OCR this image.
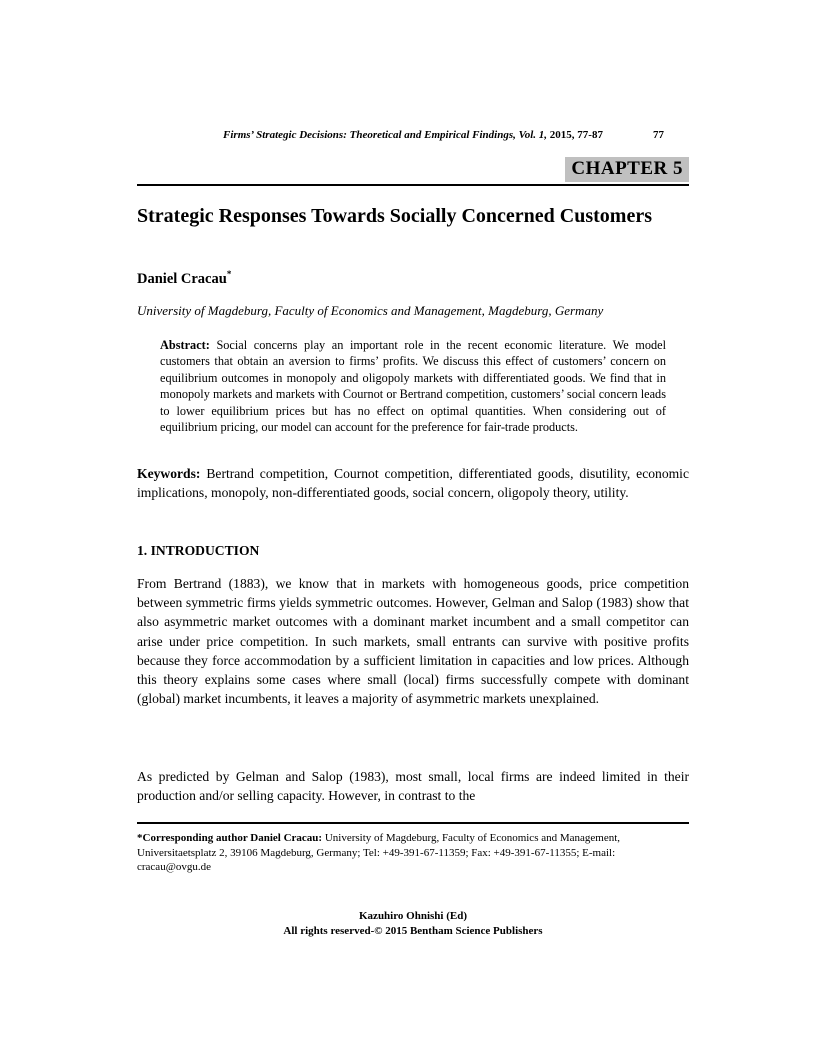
Firms’ Strategic Decisions: Theoretical and Empirical Findings, Vol. 1, 2015, 77-87	77
CHAPTER 5
Strategic Responses Towards Socially Concerned Customers
Daniel Cracau*
University of Magdeburg, Faculty of Economics and Management, Magdeburg, Germany
Abstract: Social concerns play an important role in the recent economic literature. We model customers that obtain an aversion to firms’ profits. We discuss this effect of customers’ concern on equilibrium outcomes in monopoly and oligopoly markets with differentiated goods. We find that in monopoly markets and markets with Cournot or Bertrand competition, customers’ social concern leads to lower equilibrium prices but has no effect on optimal quantities. When considering out of equilibrium pricing, our model can account for the preference for fair-trade products.
Keywords: Bertrand competition, Cournot competition, differentiated goods, disutility, economic implications, monopoly, non-differentiated goods, social concern, oligopoly theory, utility.
1. INTRODUCTION

From Bertrand (1883), we know that in markets with homogeneous goods, price competition between symmetric firms yields symmetric outcomes. However, Gelman and Salop (1983) show that also asymmetric market outcomes with a dominant market incumbent and a small competitor can arise under price competition. In such markets, small entrants can survive with positive profits because they force accommodation by a sufficient limitation in capacities and low prices. Although this theory explains some cases where small (local) firms successfully compete with dominant (global) market incumbents, it leaves a majority of asymmetric markets unexplained.

As predicted by Gelman and Salop (1983), most small, local firms are indeed limited in their production and/or selling capacity. However, in contrast to the

*Corresponding author Daniel Cracau: University of Magdeburg, Faculty of Economics and Management, Universitaetsplatz 2, 39106 Magdeburg, Germany; Tel: +49-391-67-11359; Fax: +49-391-67-11355; E-mail: cracau@ovgu.de
Kazuhiro Ohnishi (Ed)
All rights reserved-© 2015 Bentham Science Publishers
